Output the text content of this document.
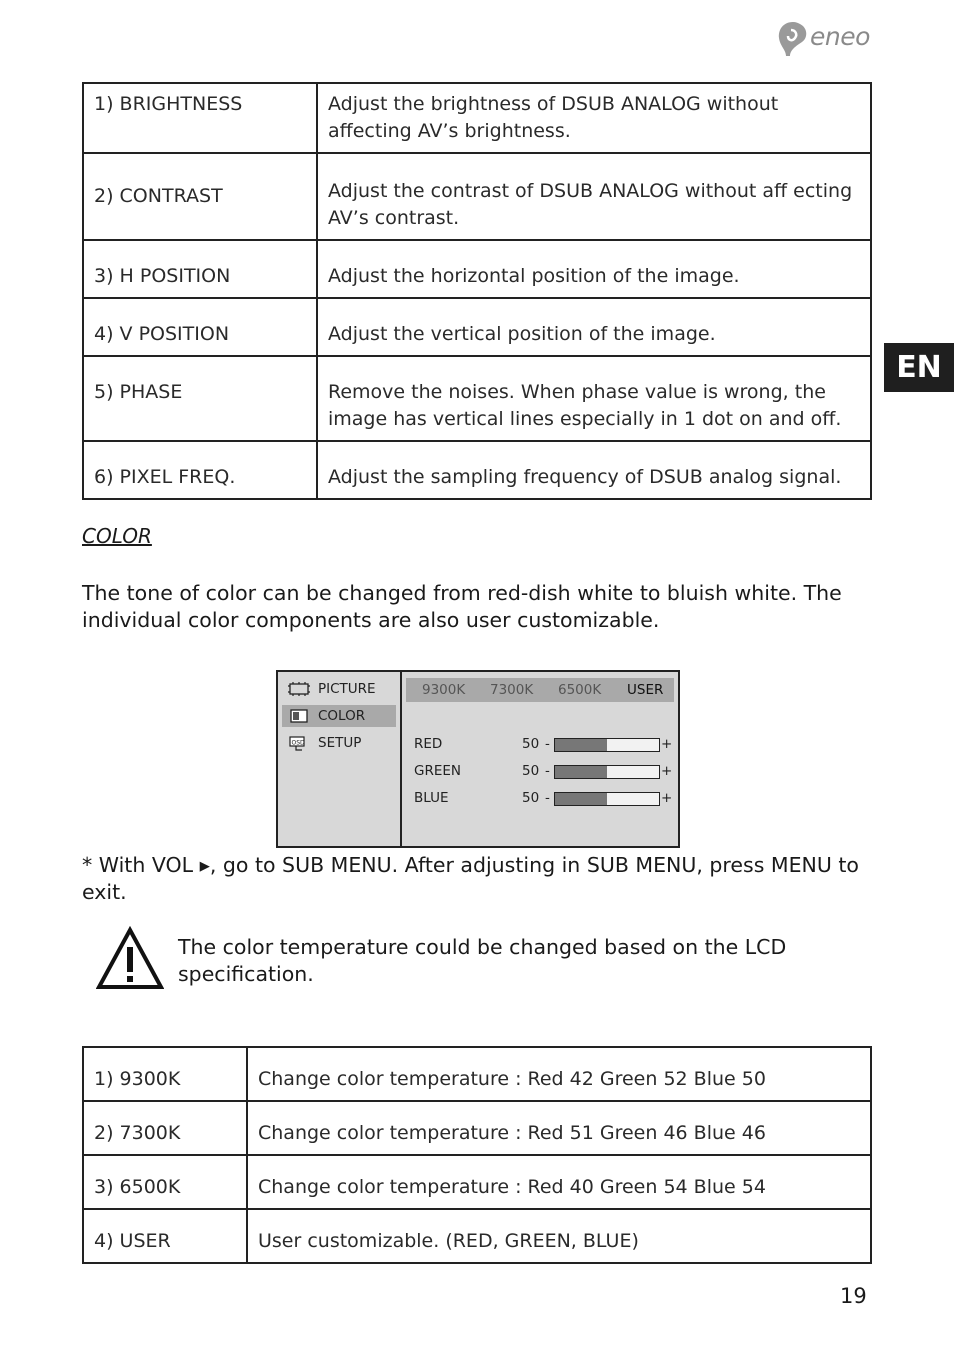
eneo
EN
1) BRIGHTNESS	Adjust the brightness of DSUB ANALOG without affecting AV’s brightness.
2) CONTRAST	Adjust the contrast of DSUB ANALOG without aff ecting AV’s contrast.
3) H POSITION	Adjust the horizontal position of the image.
4) V POSITION	Adjust the vertical position of the image.
5) PHASE	Remove the noises. When phase value is wrong, the image has vertical lines especially in 1 dot on and off.
6) PIXEL FREQ.	Adjust the sampling frequency of DSUB analog signal.
COLOR
The tone of color can be changed from red-dish white to bluish white. The individual color components are also user customizable.
PICTURE
COLOR
OSD SETUP
9300K 7300K 6500K USER
RED	50 -	+
GREEN	50 -	+
BLUE	50 -	+
* With VOL ▸, go to SUB MENU. After adjusting in SUB MENU, press MENU to exit.
The color temperature could be changed based on the LCD specification.
1) 9300K	Change color temperature : Red 42 Green 52 Blue 50
2) 7300K	Change color temperature : Red 51 Green 46 Blue 46
3) 6500K	Change color temperature : Red 40 Green 54 Blue 54
4) USER	User customizable. (RED, GREEN, BLUE)
19
